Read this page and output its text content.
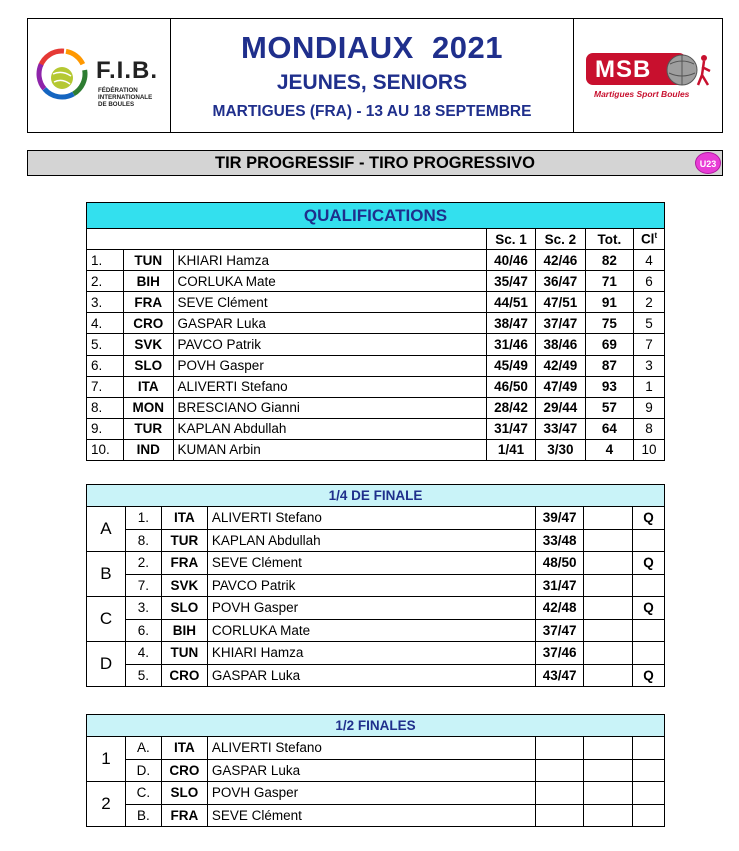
F.I.B.
FÉDÉRATION
INTERNATIONALE
DE BOULES
MONDIAUX  2021
JEUNES, SENIORS
MARTIGUES (FRA) - 13 AU 18 SEPTEMBRE
MSB
Martigues Sport Boules
TIR PROGRESSIF - TIRO PROGRESSIVO	U23
QUALIFICATIONS						
			Sc. 1	Sc. 2	Tot.	Cl$^t$
1.	TUN	KHIARI Hamza	40/46	42/46	82	4
2.	BIH	CORLUKA Mate	35/47	36/47	71	6
3.	FRA	SEVE Clément	44/51	47/51	91	2
4.	CRO	GASPAR Luka	38/47	37/47	75	5
5.	SVK	PAVCO Patrik	31/46	38/46	69	7
6.	SLO	POVH Gasper	45/49	42/49	87	3
7.	ITA	ALIVERTI Stefano	46/50	47/49	93	1
8.	MON	BRESCIANO Gianni	28/42	29/44	57	9
9.	TUR	KAPLAN Abdullah	31/47	33/47	64	8
10.	IND	KUMAN Arbin	1/41	3/30	4	10
1/4 DE FINALE						
A	1.	ITA	ALIVERTI Stefano	39/47		Q
	8.	TUR	KAPLAN Abdullah	33/48		
B	2.	FRA	SEVE Clément	48/50		Q
	7.	SVK	PAVCO Patrik	31/47		
C	3.	SLO	POVH Gasper	42/48		Q
	6.	BIH	CORLUKA Mate	37/47		
D	4.	TUN	KHIARI Hamza	37/46		
	5.	CRO	GASPAR Luka	43/47		Q
1/2 FINALES						
1	A.	ITA	ALIVERTI Stefano			
	D.	CRO	GASPAR Luka			
2	C.	SLO	POVH Gasper			
	B.	FRA	SEVE Clément			
